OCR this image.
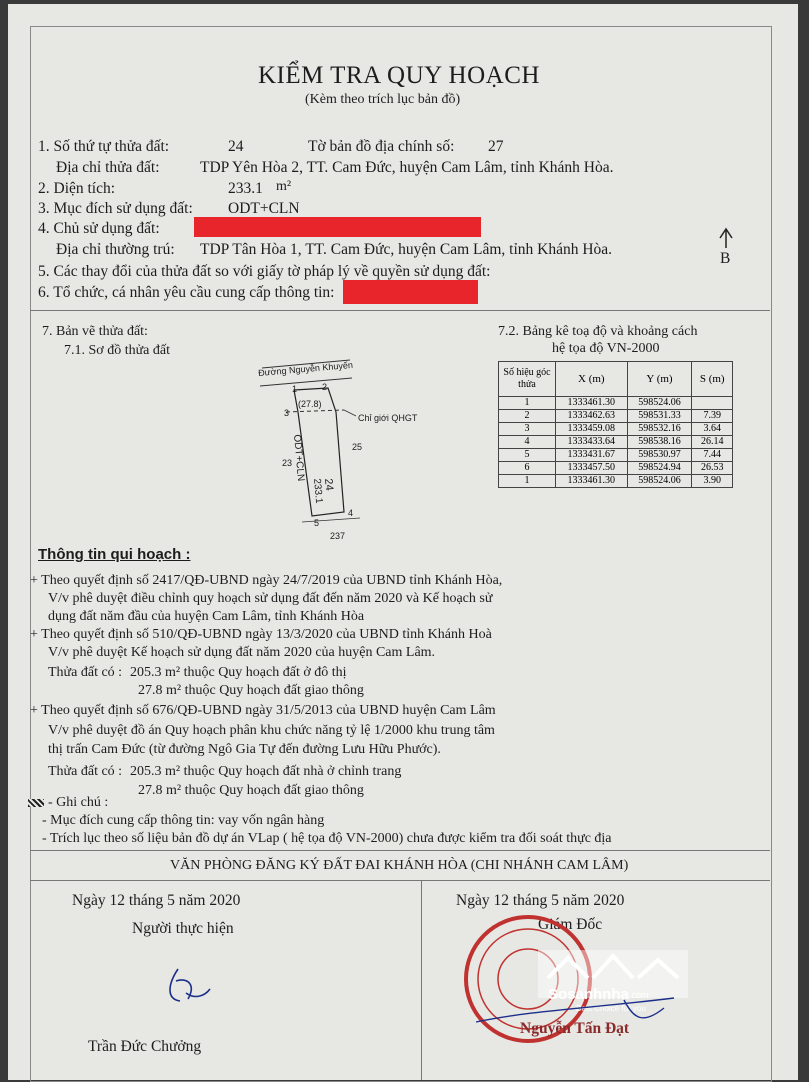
KIỂM TRA QUY HOẠCH
(Kèm theo trích lục bản đồ)
1. Số thứ tự thửa đất:	24	Tờ bản đồ địa chính số: 27
Địa chỉ thửa đất:	TDP Yên Hòa 2, TT. Cam Đức, huyện Cam Lâm, tỉnh Khánh Hòa.
2. Diện tích:	233.1 m²
3. Mục đích sử dụng đất: ODT+CLN
4. Chủ sử dụng đất:
Địa chỉ thường trú: TDP Tân Hòa 1, TT. Cam Đức, huyện Cam Lâm, tỉnh Khánh Hòa.
5. Các thay đổi của thửa đất so với giấy tờ pháp lý về quyền sử dụng đất:
6. Tổ chức, cá nhân yêu cầu cung cấp thông tin:
B
7. Bản vẽ thửa đất:
7.1. Sơ đồ thửa đất
Đường Nguyễn Khuyến
1	2
(27.8)
3	Chỉ giới QHGT
ODT+CLN
24
233.1
23
25
5
4
237
7.2. Bảng kê toạ độ và khoảng cách
hệ tọa độ VN-2000
Số hiệu góc thửa	X (m)	Y (m)	S (m)
1	1333461.30	598524.06	
2	1333462.63	598531.33	7.39
3	1333459.08	598532.16	3.64
4	1333433.64	598538.16	26.14
5	1333431.67	598530.97	7.44
6	1333457.50	598524.94	26.53
1	1333461.30	598524.06	3.90
Thông tin qui hoạch :
+ Theo quyết định số 2417/QĐ-UBND ngày 24/7/2019 của UBND tỉnh Khánh Hòa,
V/v phê duyệt điều chỉnh quy hoạch sử dụng đất đến năm 2020 và Kế hoạch sử
dụng đất năm đầu của huyện Cam Lâm, tỉnh Khánh Hòa
+ Theo quyết định số 510/QĐ-UBND ngày 13/3/2020 của UBND tỉnh Khánh Hoà
V/v phê duyệt Kế hoạch sử dụng đất năm 2020 của huyện Cam Lâm.
Thửa đất có : 205.3 m² thuộc Quy hoạch đất ở đô thị
27.8 m² thuộc Quy hoạch đất giao thông
+ Theo quyết định số 676/QĐ-UBND ngày 31/5/2013 của UBND huyện Cam Lâm
V/v phê duyệt đồ án Quy hoạch phân khu chức năng tỷ lệ 1/2000 khu trung tâm
thị trấn Cam Đức (từ đường Ngô Gia Tự đến đường Lưu Hữu Phước).
Thửa đất có : 205.3 m² thuộc Quy hoạch đất nhà ở chỉnh trang
27.8 m² thuộc Quy hoạch đất giao thông
- Ghi chú :
- Mục đích cung cấp thông tin: vay vốn ngân hàng
- Trích lục theo số liệu bản đồ dự án VLap ( hệ tọa độ VN-2000) chưa được kiểm tra đối soát thực địa
VĂN PHÒNG ĐĂNG KÝ ĐẤT ĐAI KHÁNH HÒA (CHI NHÁNH CAM LÂM)
Ngày 12 tháng 5 năm 2020
Người thực hiện
Trần Đức Chưởng
Ngày 12 tháng 5 năm 2020
Giám Đốc
Sosanhnha .com
Best Choice for you
Nguyễn Tấn Đạt
